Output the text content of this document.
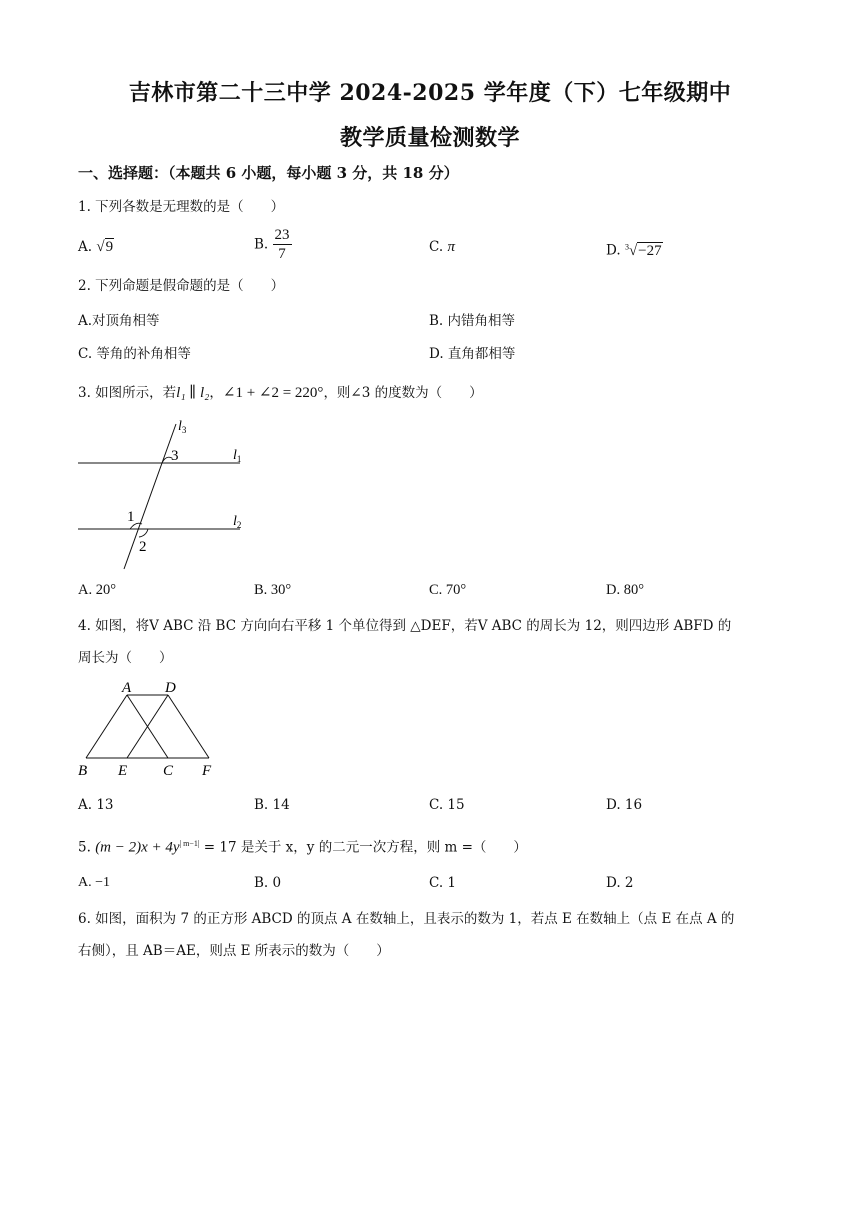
吉林市第二十三中学 2024-2025 学年度（下）七年级期中
教学质量检测数学
一、选择题：（本题共 6 小题，每小题 3 分，共 18 分）
1. 下列各数是无理数的是（　　）
A. √9	B. $\frac{23}{7}$	C. π	D. $^3$√−27
2. 下列命题是假命题的是（　　）
A.对顶角相等	B. 内错角相等
C. 等角的补角相等	D. 直角都相等
3. 如图所示，若l₁ ∥ l₂，∠1 + ∠2 = 220°，则∠3 的度数为（　　）
$l_3$
$l_1$
$l_2$
3
1
2
A. 20°	B. 30°	C. 70°	D. 80°
4. 如图，将V ABC 沿 BC 方向向右平移 1 个单位得到 △DEF，若V ABC 的周长为 12，则四边形 ABFD 的
周长为（　　）
A D
B E C F
A. 13	B. 14	C. 15	D. 16
5. $(m - 2)x + 4y^{| m-1|} = 17$ 是关于 x，y 的二元一次方程，则 m =（　　）
A. −1	B. 0	C. 1	D. 2
6. 如图，面积为 7 的正方形 ABCD 的顶点 A 在数轴上，且表示的数为 1，若点 E 在数轴上（点 E 在点 A 的
右侧），且 AB＝AE，则点 E 所表示的数为（　　）
